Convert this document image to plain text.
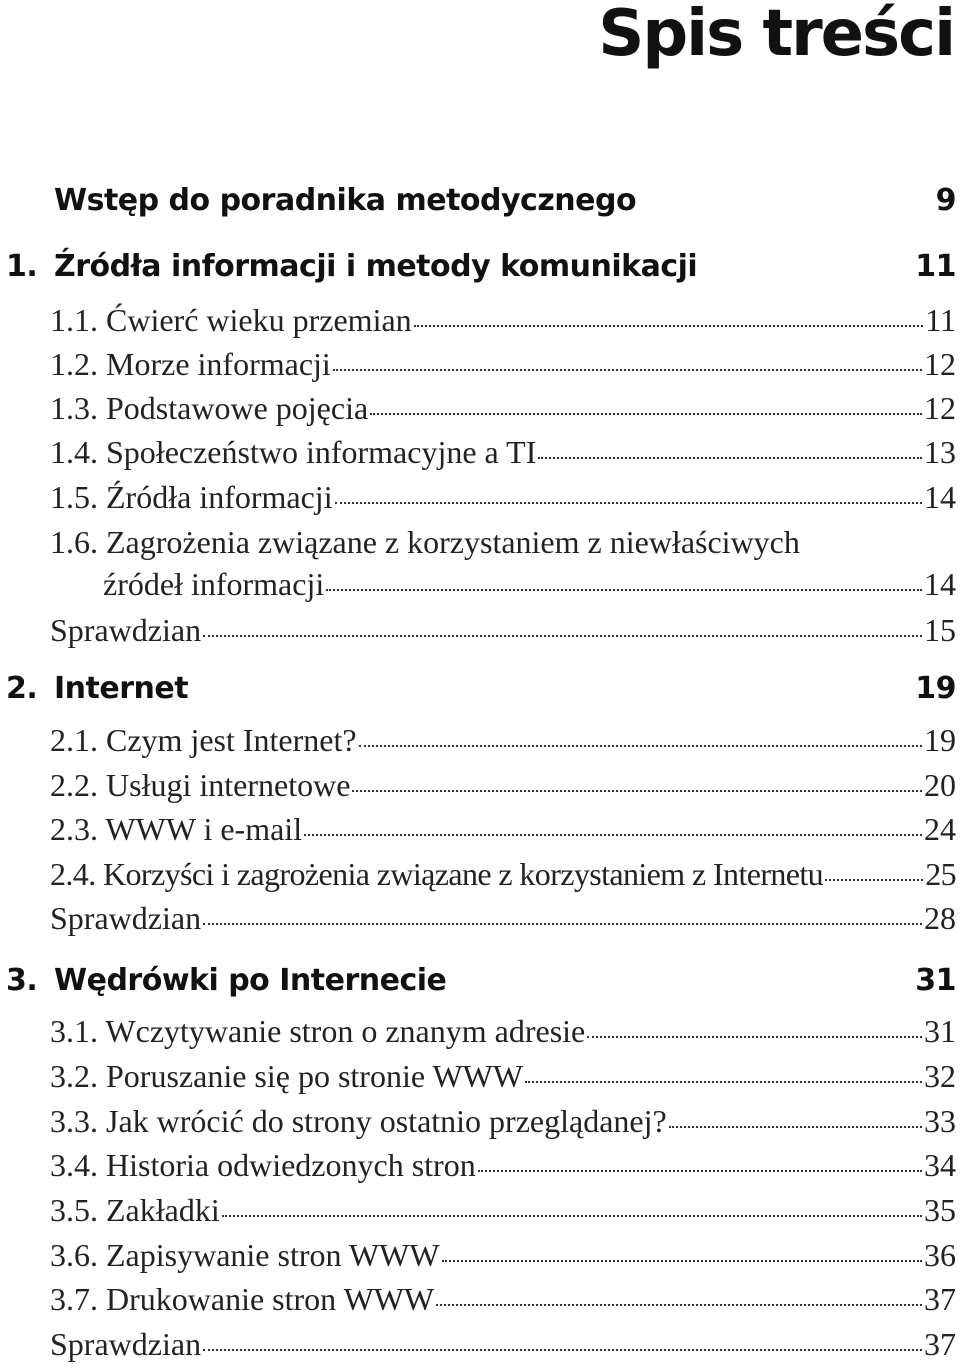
Spis treści
Wstęp do poradnika metodycznego	9
1. Źródła informacji i metody komunikacji	11
1.1. Ćwierć wieku przemian	11
1.2. Morze informacji	12
1.3. Podstawowe pojęcia	12
1.4. Społeczeństwo informacyjne a TI	13
1.5. Źródła informacji	14
1.6. Zagrożenia związane z korzystaniem z niewłaściwych
źródeł informacji	14
Sprawdzian	15
2. Internet	19
2.1. Czym jest Internet?	19
2.2. Usługi internetowe	20
2.3. WWW i e-mail	24
2.4. Korzyści i zagrożenia związane z korzystaniem z Internetu	25
Sprawdzian	28
3. Wędrówki po Internecie	31
3.1. Wczytywanie stron o znanym adresie	31
3.2. Poruszanie się po stronie WWW	32
3.3. Jak wrócić do strony ostatnio przeglądanej?	33
3.4. Historia odwiedzonych stron	34
3.5. Zakładki	35
3.6. Zapisywanie stron WWW	36
3.7. Drukowanie stron WWW	37
Sprawdzian	37
